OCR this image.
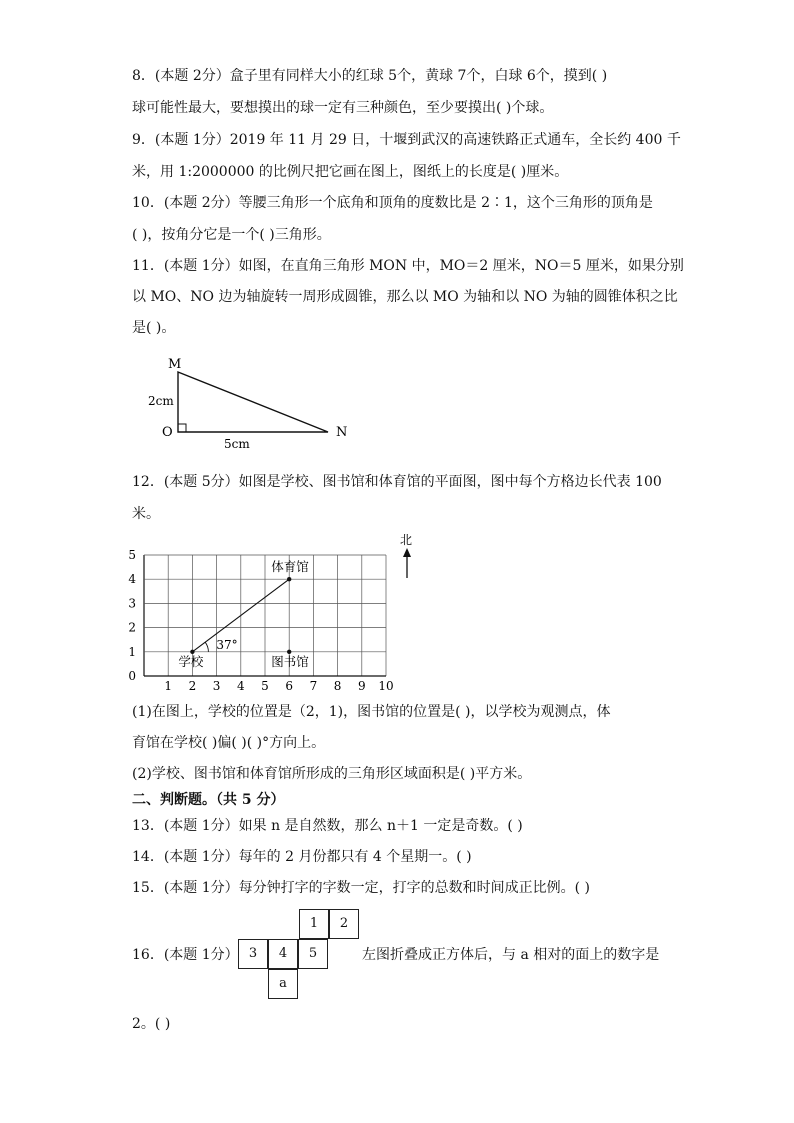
8．(本题 2分）盒子里有同样大小的红球 5个，黄球 7个，白球 6个，摸到( )
球可能性最大，要想摸出的球一定有三种颜色，至少要摸出( )个球。
9．(本题 1分）2019 年 11 月 29 日，十堰到武汉的高速铁路正式通车，全长约 400 千
米，用 1:2000000 的比例尺把它画在图上，图纸上的长度是( )厘米。
10．(本题 2分）等腰三角形一个底角和顶角的度数比是 2∶1，这个三角形的顶角是
( )，按角分它是一个( )三角形。
11．(本题 1分）如图，在直角三角形 MON 中，MO＝2 厘米，NO＝5 厘米，如果分别
以 MO、NO 边为轴旋转一周形成圆锥，那么以 MO 为轴和以 NO 为轴的圆锥体积之比
是( )。
M
O	N
2cm
5cm
12．(本题 5分）如图是学校、图书馆和体育馆的平面图，图中每个方格边长代表 100
米。
1 2 3 4 5 6 7 8 9 10
0
1
2
3
4
5
37°
学校
体育馆
图书馆
北
(1)在图上，学校的位置是（2，1)，图书馆的位置是( )，以学校为观测点，体
育馆在学校( )偏( )( )°方向上。
(2)学校、图书馆和体育馆所形成的三角形区域面积是( )平方米。
二、判断题。（共 5 分）
13．(本题 1分）如果 n 是自然数，那么 n＋1 一定是奇数。( )
14．(本题 1分）每年的 2 月份都只有 4 个星期一。( )
15．(本题 1分）每分钟打字的字数一定，打字的总数和时间成正比例。( )
16．(本题 1分）
1	2
3	4	5
a
左图折叠成正方体后，与 a 相对的面上的数字是
2。( )
